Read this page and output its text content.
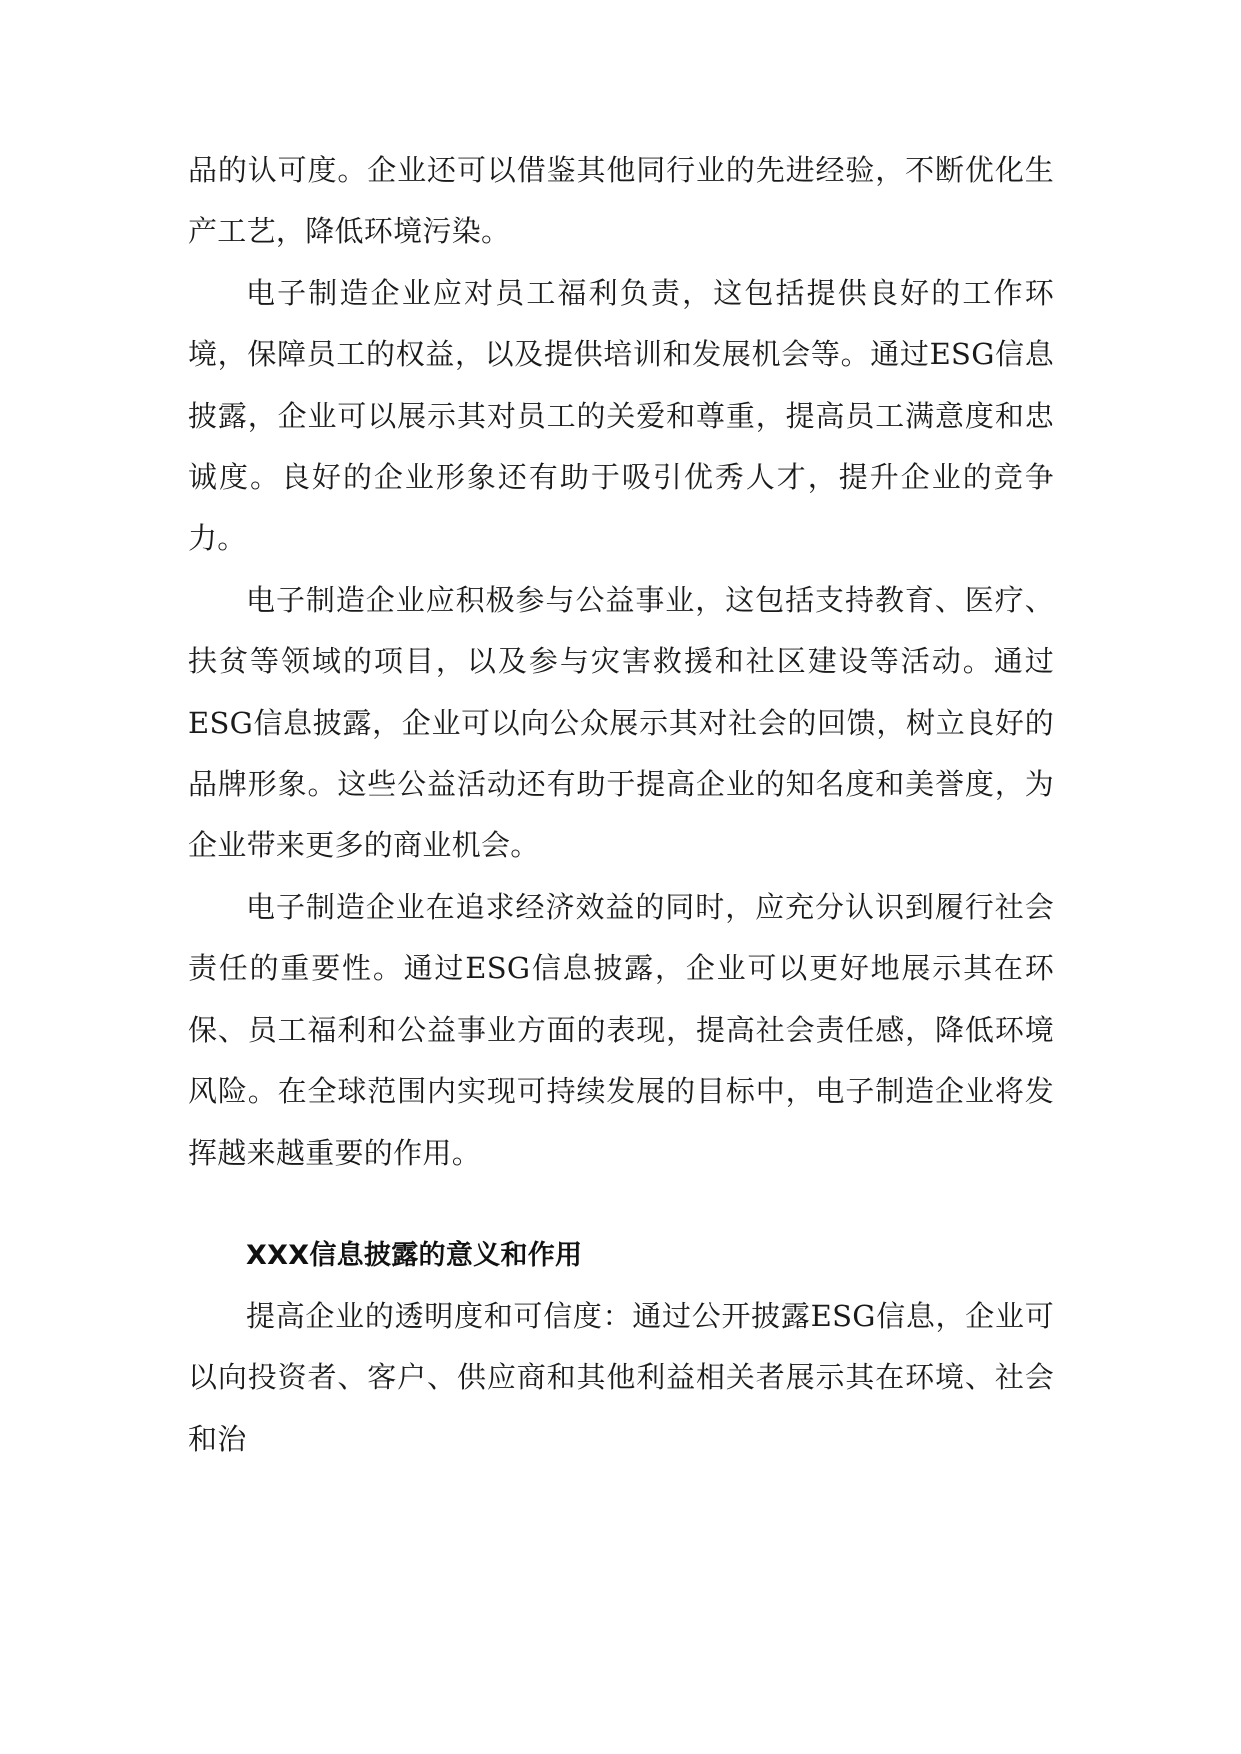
品的认可度。企业还可以借鉴其他同行业的先进经验，不断优化生产工艺，降低环境污染。

电子制造企业应对员工福利负责，这包括提供良好的工作环境，保障员工的权益，以及提供培训和发展机会等。通过ESG信息披露，企业可以展示其对员工的关爱和尊重，提高员工满意度和忠诚度。良好的企业形象还有助于吸引优秀人才，提升企业的竞争力。

电子制造企业应积极参与公益事业，这包括支持教育、医疗、扶贫等领域的项目，以及参与灾害救援和社区建设等活动。通过ESG信息披露，企业可以向公众展示其对社会的回馈，树立良好的品牌形象。这些公益活动还有助于提高企业的知名度和美誉度，为企业带来更多的商业机会。

电子制造企业在追求经济效益的同时，应充分认识到履行社会责任的重要性。通过ESG信息披露，企业可以更好地展示其在环保、员工福利和公益事业方面的表现，提高社会责任感，降低环境风险。在全球范围内实现可持续发展的目标中，电子制造企业将发挥越来越重要的作用。

XXX信息披露的意义和作用

提高企业的透明度和可信度：通过公开披露ESG信息，企业可以向投资者、客户、供应商和其他利益相关者展示其在环境、社会和治
